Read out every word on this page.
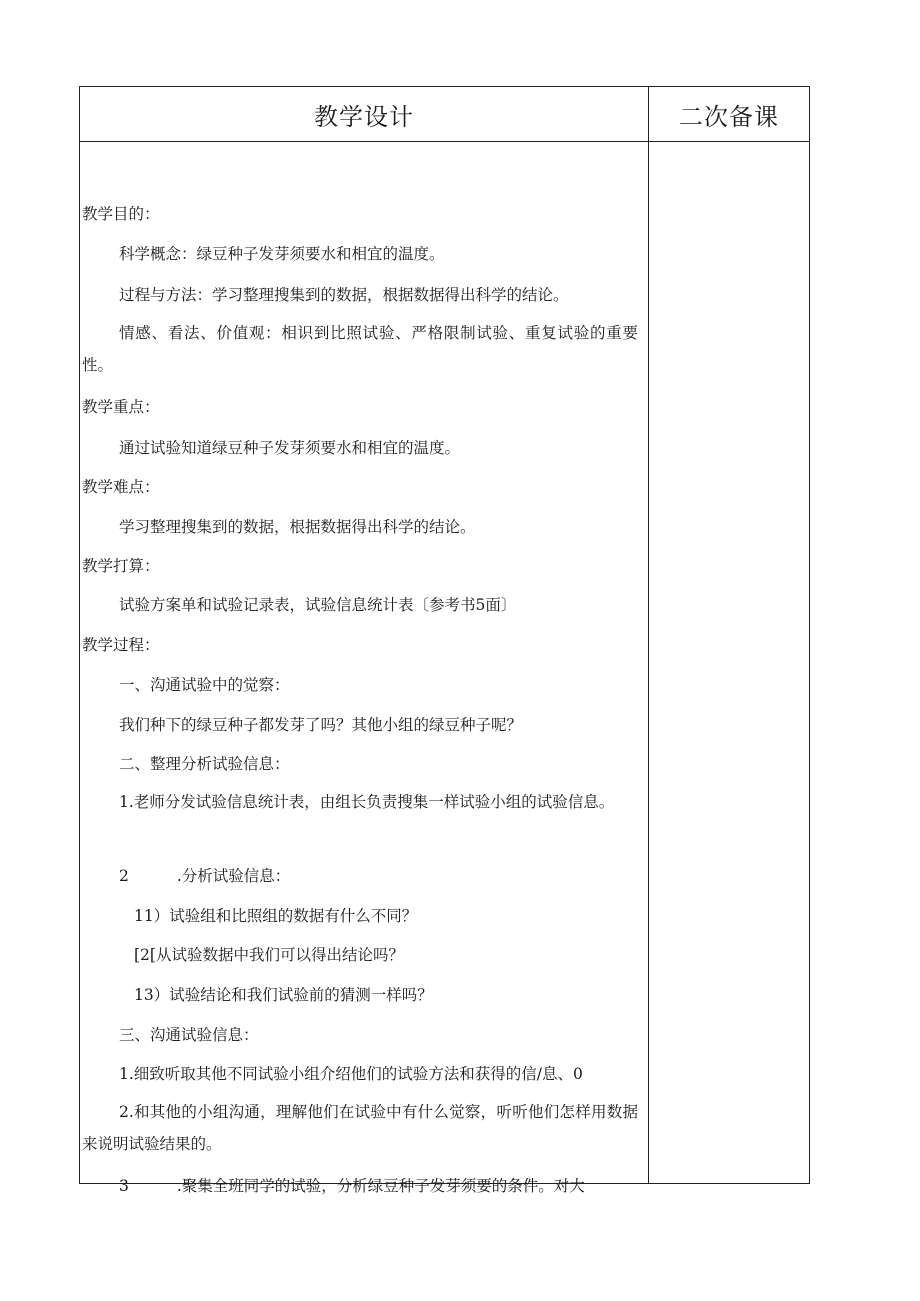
教学设计	二次备课
教学目的：
科学概念：绿豆种子发芽须要水和相宜的温度。
过程与方法：学习整理搜集到的数据，根据数据得出科学的结论。
情感、看法、价值观：相识到比照试验、严格限制试验、重复试验的重要性。
教学重点：
通过试验知道绿豆种子发芽须要水和相宜的温度。
教学难点：
学习整理搜集到的数据，根据数据得出科学的结论。
教学打算：
试验方案单和试验记录表，试验信息统计表〔参考书5面〕
教学过程：
一、沟通试验中的觉察：
我们种下的绿豆种子都发芽了吗？其他小组的绿豆种子呢？
二、整理分析试验信息：
1.老师分发试验信息统计表，由组长负责搜集一样试验小组的试验信息。
2	.分析试验信息：
11）试验组和比照组的数据有什么不同？
[2[从试验数据中我们可以得出结论吗？
13）试验结论和我们试验前的猜测一样吗？
三、沟通试验信息：
1.细致听取其他不同试验小组介绍他们的试验方法和获得的信/息、0
2.和其他的小组沟通，理解他们在试验中有什么觉察，听听他们怎样用数据来说明试验结果的。
3	.聚集全班同学的试验，分析绿豆种子发芽须要的条件。对大
